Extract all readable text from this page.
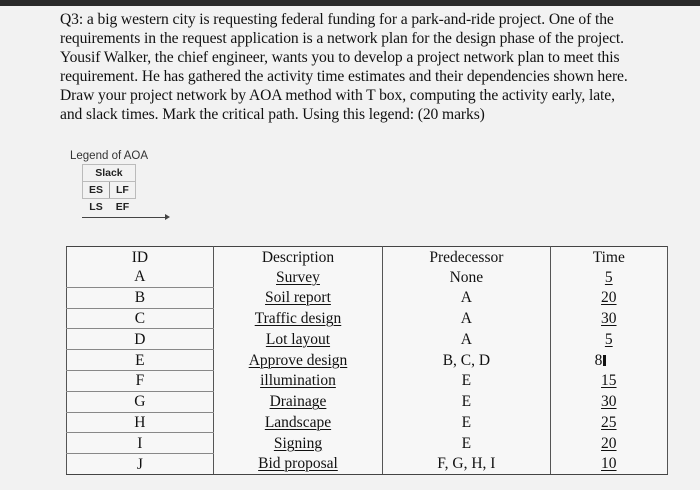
Q3: a big western city is requesting federal funding for a park-and-ride project. One of the
requirements in the request application is a network plan for the design phase of the project.
Yousif Walker, the chief engineer, wants you to develop a project network plan to meet this
requirement. He has gathered the activity time estimates and their dependencies shown here.
Draw your project network by AOA method with T box, computing the activity early, late,
and slack times. Mark the critical path. Using this legend: (20 marks)
Legend of AOA
Slack	
ES	LF
LS	EF
ID	Description	Predecessor	Time
A	Survey	None	5
B	Soil report	A	20
C	Traffic design	A	30
D	Lot layout	A	5
E	Approve design	B, C, D	8
F	illumination	E	15
G	Drainage	E	30
H	Landscape	E	25
I	Signing	E	20
J	Bid proposal	F, G, H, I	10
